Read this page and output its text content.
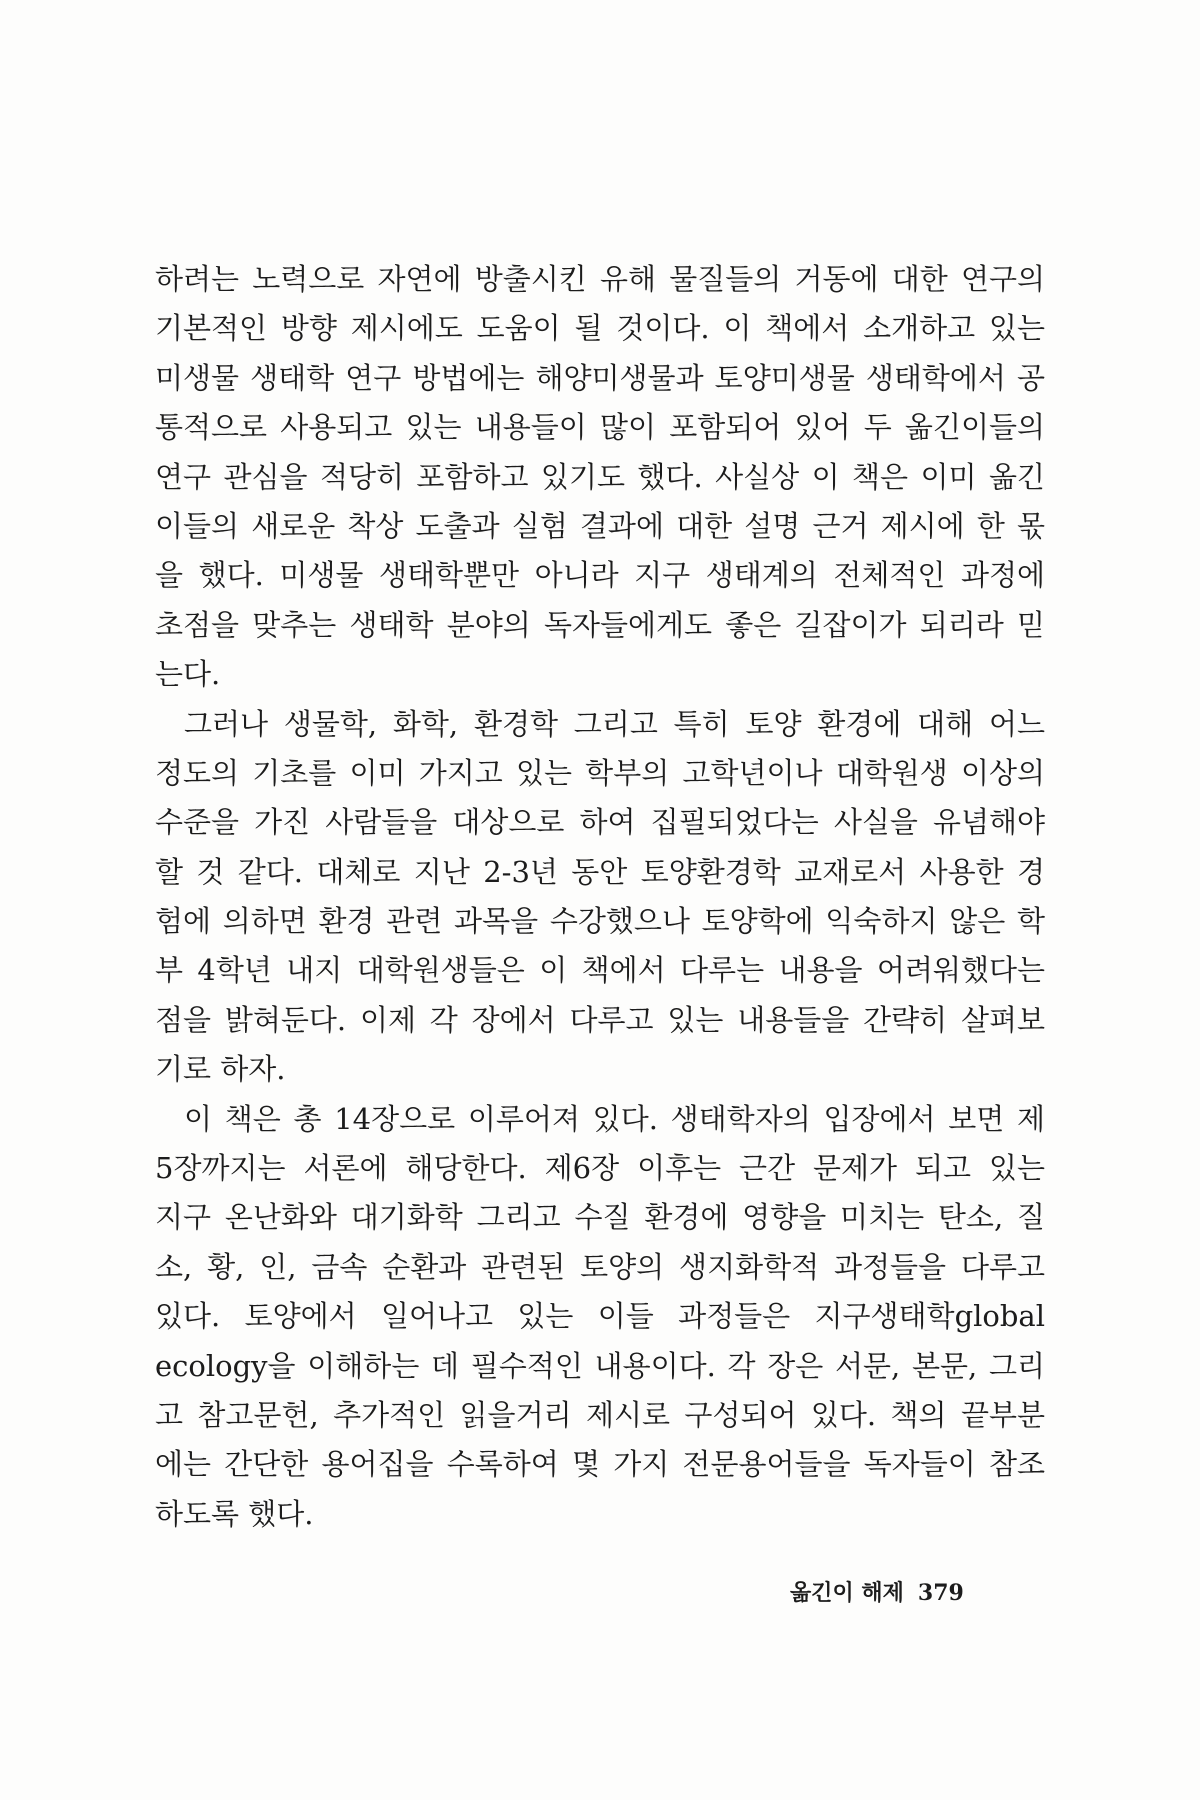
하려는 노력으로 자연에 방출시킨 유해 물질들의 거동에 대한 연구의
기본적인 방향 제시에도 도움이 될 것이다. 이 책에서 소개하고 있는
미생물 생태학 연구 방법에는 해양미생물과 토양미생물 생태학에서 공
통적으로 사용되고 있는 내용들이 많이 포함되어 있어 두 옮긴이들의
연구 관심을 적당히 포함하고 있기도 했다. 사실상 이 책은 이미 옮긴
이들의 새로운 착상 도출과 실험 결과에 대한 설명 근거 제시에 한 몫
을 했다. 미생물 생태학뿐만 아니라 지구 생태계의 전체적인 과정에
초점을 맞추는 생태학 분야의 독자들에게도 좋은 길잡이가 되리라 믿
는다.
그러나 생물학, 화학, 환경학 그리고 특히 토양 환경에 대해 어느
정도의 기초를 이미 가지고 있는 학부의 고학년이나 대학원생 이상의
수준을 가진 사람들을 대상으로 하여 집필되었다는 사실을 유념해야
할 것 같다. 대체로 지난 2-3년 동안 토양환경학 교재로서 사용한 경
험에 의하면 환경 관련 과목을 수강했으나 토양학에 익숙하지 않은 학
부 4학년 내지 대학원생들은 이 책에서 다루는 내용을 어려워했다는
점을 밝혀둔다. 이제 각 장에서 다루고 있는 내용들을 간략히 살펴보
기로 하자.
이 책은 총 14장으로 이루어져 있다. 생태학자의 입장에서 보면 제
5장까지는 서론에 해당한다. 제6장 이후는 근간 문제가 되고 있는
지구 온난화와 대기화학 그리고 수질 환경에 영향을 미치는 탄소, 질
소, 황, 인, 금속 순환과 관련된 토양의 생지화학적 과정들을 다루고
있다. 토양에서 일어나고 있는 이들 과정들은 지구생태학global
ecology을 이해하는 데 필수적인 내용이다. 각 장은 서문, 본문, 그리
고 참고문헌, 추가적인 읽을거리 제시로 구성되어 있다. 책의 끝부분
에는 간단한 용어집을 수록하여 몇 가지 전문용어들을 독자들이 참조
하도록 했다.
옮긴이 해제 379
